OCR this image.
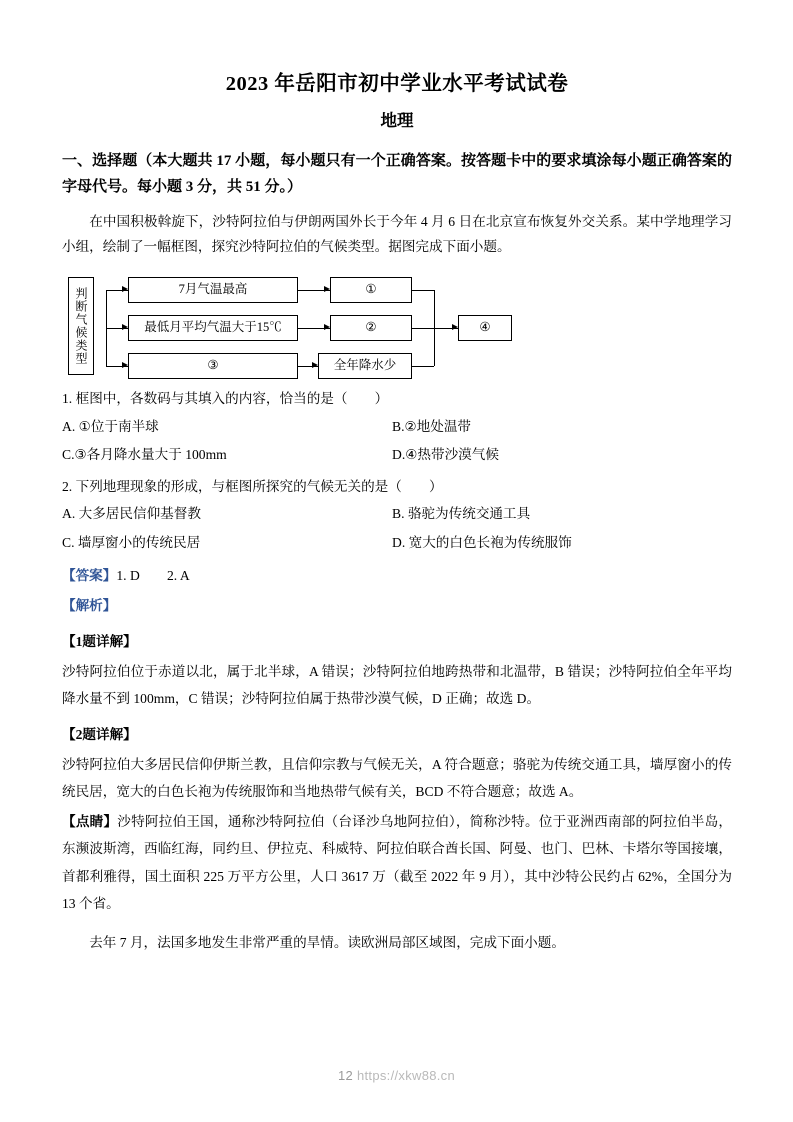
2023 年岳阳市初中学业水平考试试卷
地理
一、选择题（本大题共 17 小题，每小题只有一个正确答案。按答题卡中的要求填涂每小题正确答案的字母代号。每小题 3 分，共 51 分。）
在中国积极斡旋下，沙特阿拉伯与伊朗两国外长于今年 4 月 6 日在北京宣布恢复外交关系。某中学地理学习小组，绘制了一幅框图，探究沙特阿拉伯的气候类型。据图完成下面小题。
判断气候类型	7月气温最高
最低月平均气温大于15℃
③
①
②
全年降水少
④
1. 框图中，各数码与其填入的内容，恰当的是（　　）
A. ①位于南半球	B.②地处温带
C.③各月降水量大于 100mm	D.④热带沙漠气候
2. 下列地理现象的形成，与框图所探究的气候无关的是（　　）
A. 大多居民信仰基督教	B. 骆驼为传统交通工具
C. 墙厚窗小的传统民居	D. 宽大的白色长袍为传统服饰
【答案】1. D　　2. A
【解析】
【1题详解】
沙特阿拉伯位于赤道以北，属于北半球，A 错误；沙特阿拉伯地跨热带和北温带，B 错误；沙特阿拉伯全年平均降水量不到 100mm，C 错误；沙特阿拉伯属于热带沙漠气候，D 正确；故选 D。
【2题详解】
沙特阿拉伯大多居民信仰伊斯兰教，且信仰宗教与气候无关，A 符合题意；骆驼为传统交通工具，墙厚窗小的传统民居，宽大的白色长袍为传统服饰和当地热带气候有关，BCD 不符合题意；故选 A。
【点睛】沙特阿拉伯王国，通称沙特阿拉伯（台译沙乌地阿拉伯），简称沙特。位于亚洲西南部的阿拉伯半岛，东濒波斯湾，西临红海，同约旦、伊拉克、科威特、阿拉伯联合酋长国、阿曼、也门、巴林、卡塔尔等国接壤，首都利雅得，国土面积 225 万平方公里，人口 3617 万（截至 2022 年 9 月），其中沙特公民约占 62%，全国分为 13 个省。
去年 7 月，法国多地发生非常严重的旱情。读欧洲局部区域图，完成下面小题。
12 https://xkw88.cn
